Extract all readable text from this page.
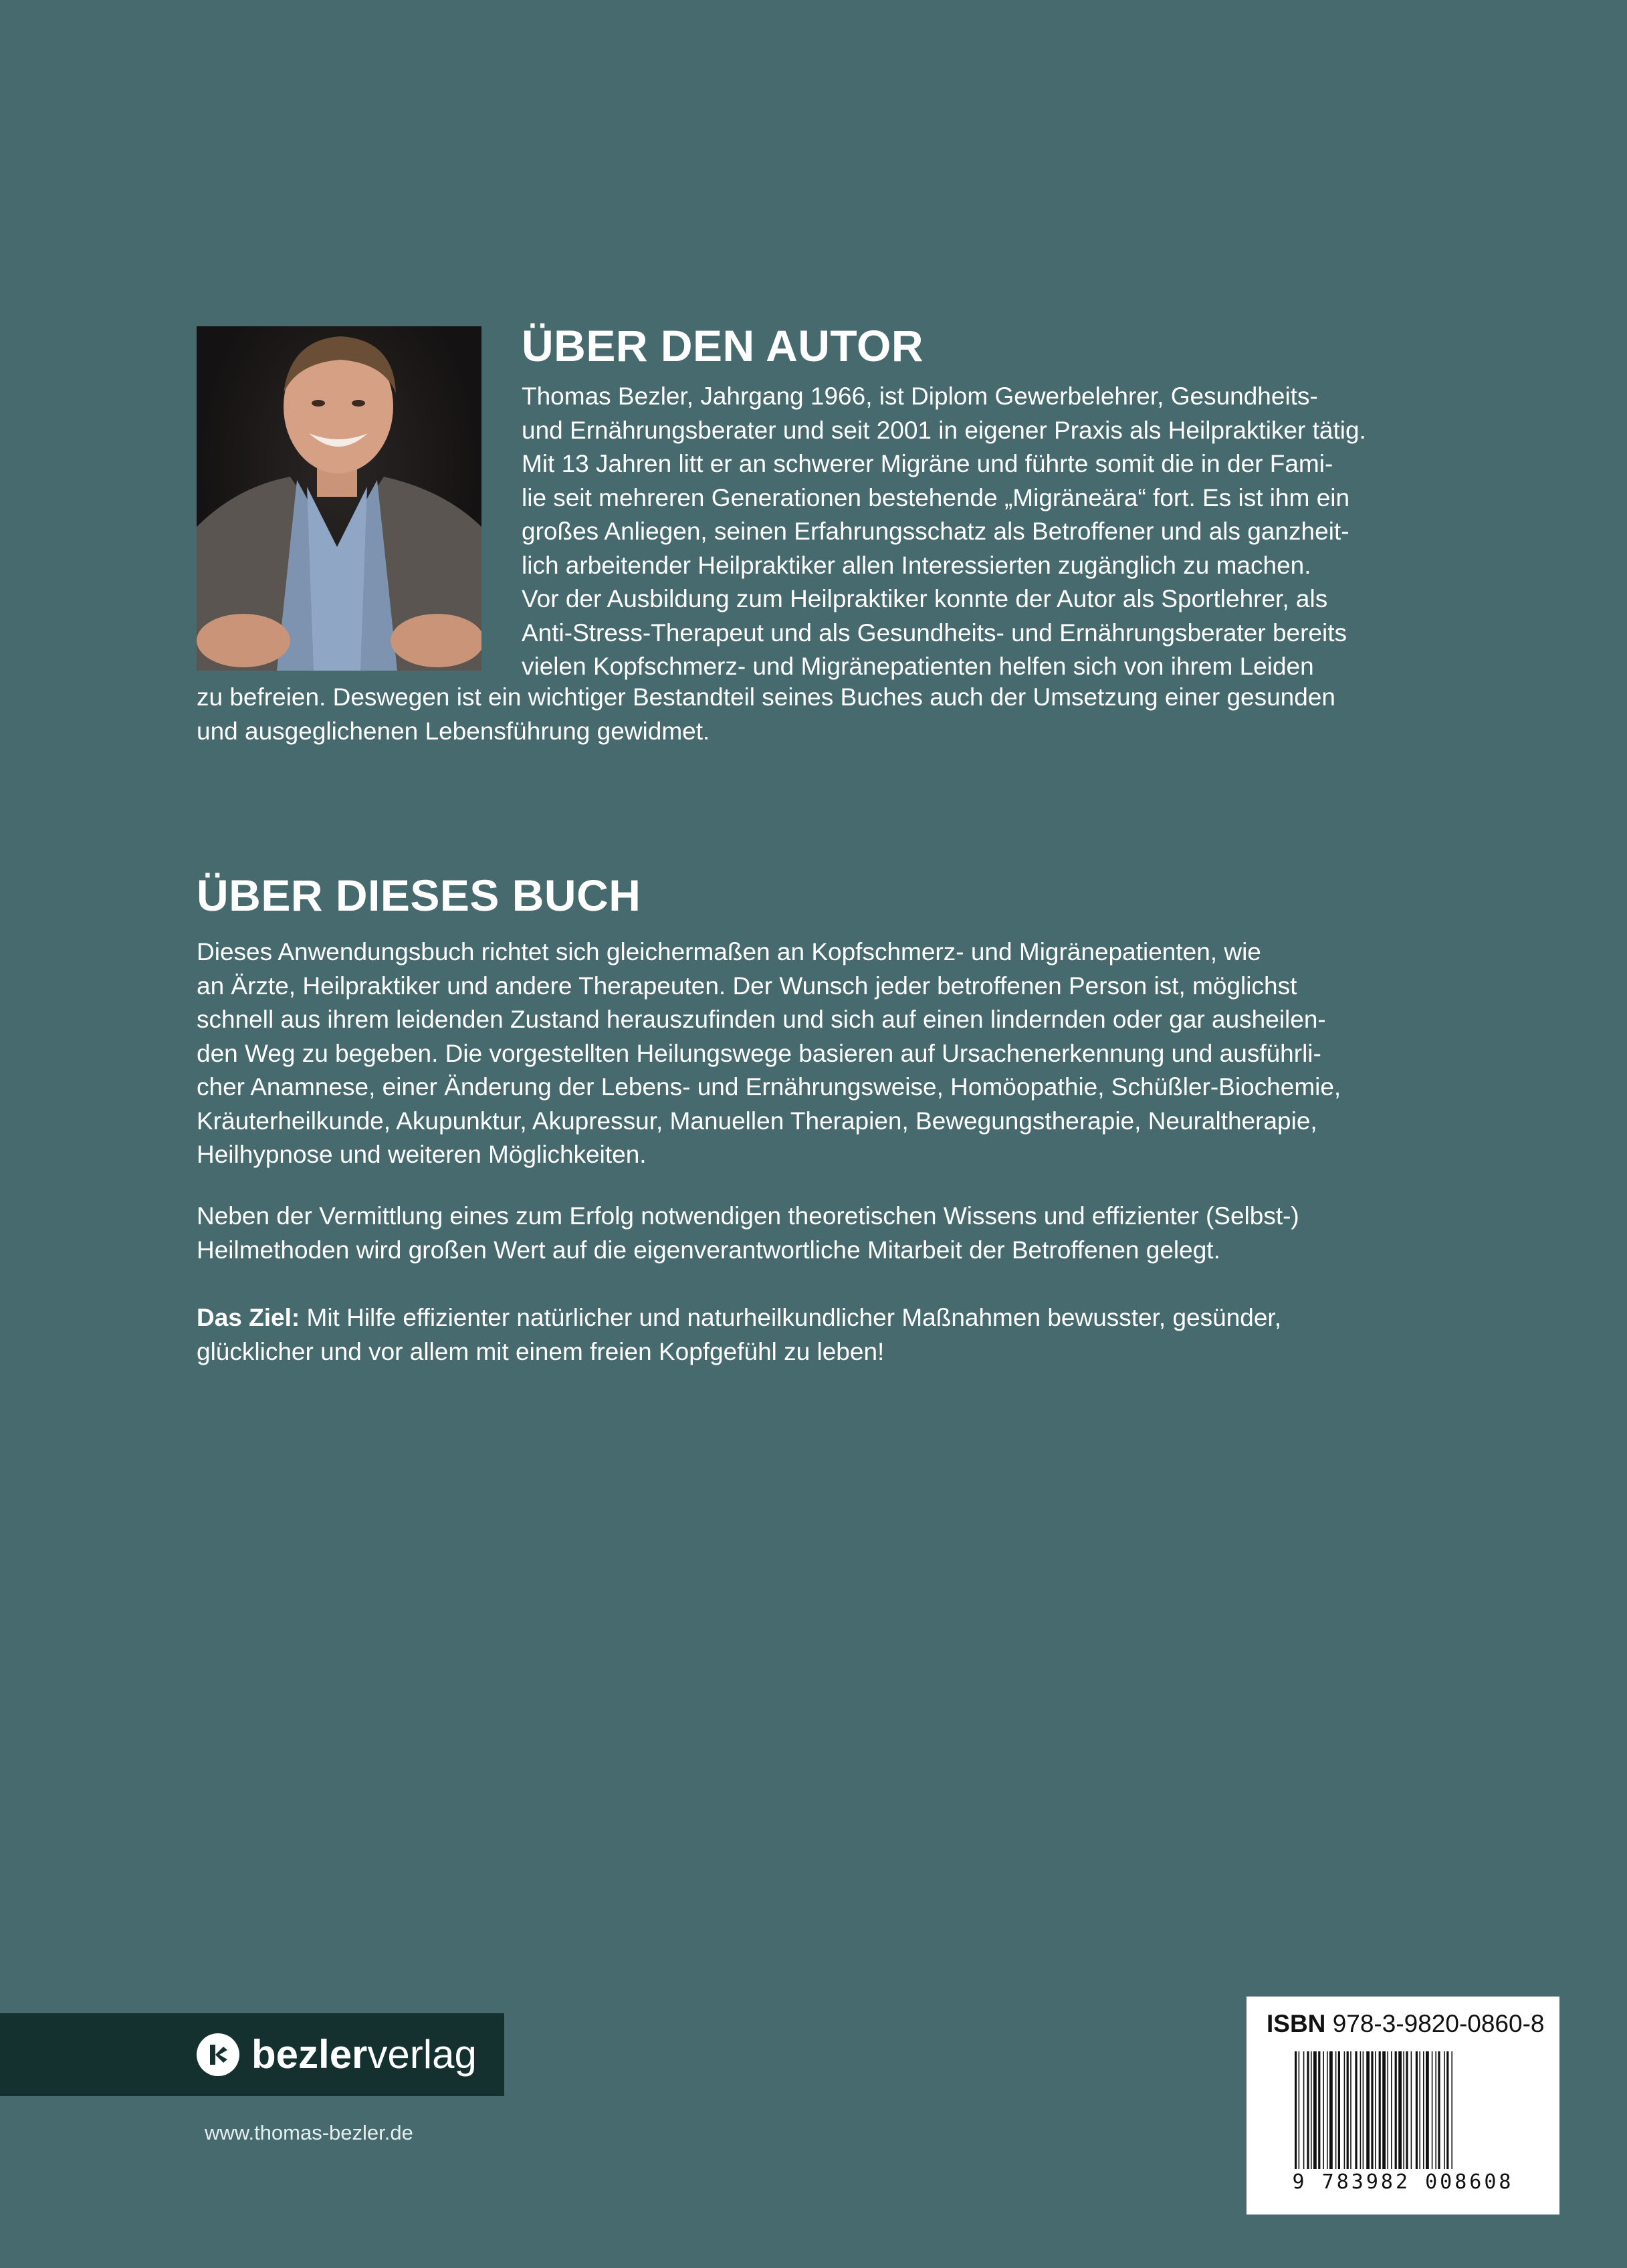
ÜBER DEN AUTOR

Thomas Bezler, Jahrgang 1966, ist Diplom Gewerbelehrer, Gesundheits-
und Ernährungsberater und seit 2001 in eigener Praxis als Heilpraktiker tätig.
Mit 13 Jahren litt er an schwerer Migräne und führte somit die in der Fami-
lie seit mehreren Generationen bestehende „Migräneära“ fort. Es ist ihm ein
großes Anliegen, seinen Erfahrungsschatz als Betroffener und als ganzheit-
lich arbeitender Heilpraktiker allen Interessierten zugänglich zu machen.
Vor der Ausbildung zum Heilpraktiker konnte der Autor als Sportlehrer, als
Anti-Stress-Therapeut und als Gesundheits- und Ernährungsberater bereits
vielen Kopfschmerz- und Migränepatienten helfen sich von ihrem Leiden

zu befreien. Deswegen ist ein wichtiger Bestandteil seines Buches auch der Umsetzung einer gesunden
und ausgeglichenen Lebensführung gewidmet.

ÜBER DIESES BUCH

Dieses Anwendungsbuch richtet sich gleichermaßen an Kopfschmerz- und Migränepatienten, wie
an Ärzte, Heilpraktiker und andere Therapeuten. Der Wunsch jeder betroffenen Person ist, möglichst
schnell aus ihrem leidenden Zustand herauszufinden und sich auf einen lindernden oder gar ausheilen-
den Weg zu begeben. Die vorgestellten Heilungswege basieren auf Ursachenerkennung und ausführli-
cher Anamnese, einer Änderung der Lebens- und Ernährungsweise, Homöopathie, Schüßler-Biochemie,
Kräuterheilkunde, Akupunktur, Akupressur, Manuellen Therapien, Bewegungstherapie, Neuraltherapie,
Heilhypnose und weiteren Möglichkeiten.

Neben der Vermittlung eines zum Erfolg notwendigen theoretischen Wissens und effizienter (Selbst-)
Heilmethoden wird großen Wert auf die eigenverantwortliche Mitarbeit der Betroffenen gelegt.

Das Ziel: Mit Hilfe effizienter natürlicher und naturheilkundlicher Maßnahmen bewusster, gesünder,
glücklicher und vor allem mit einem freien Kopfgefühl zu leben!

bezlerverlag
www.thomas-bezler.de
ISBN 978-3-9820-0860-8
9 783982 008608
